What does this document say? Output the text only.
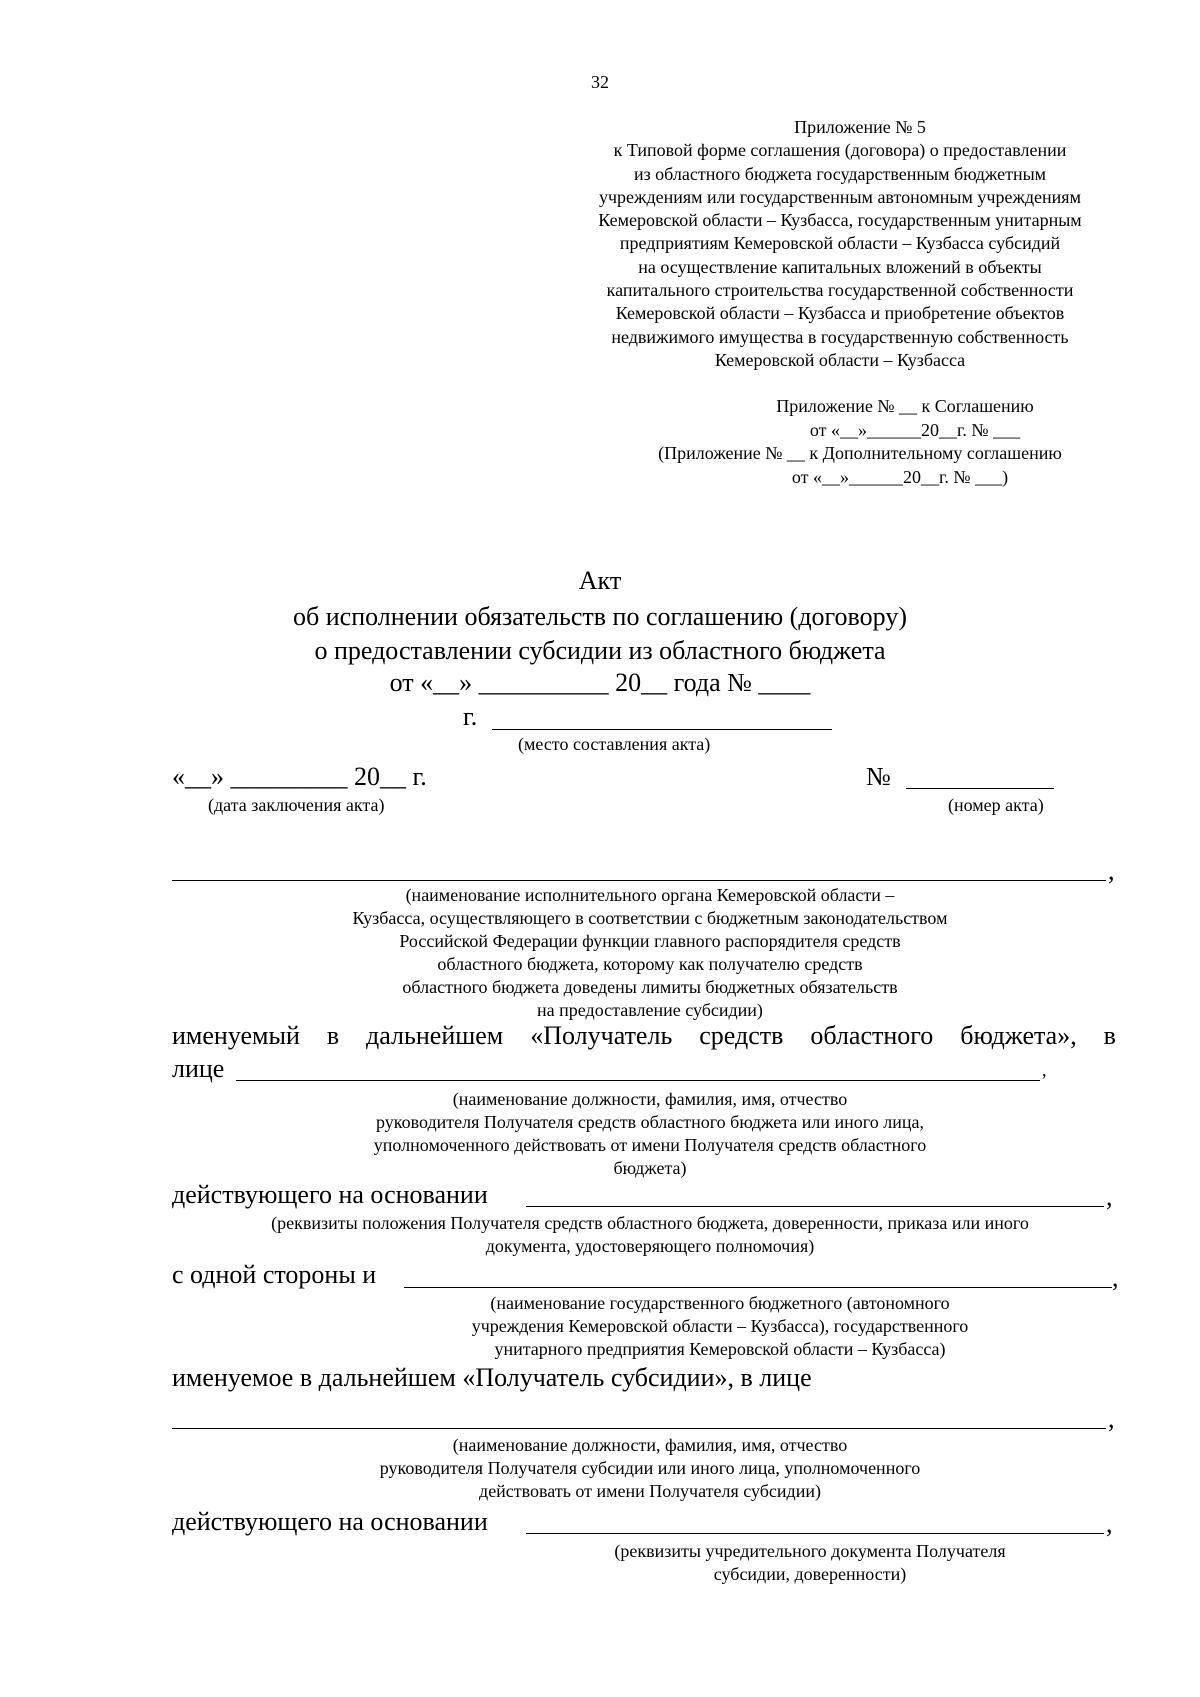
32
Приложение № 5
к Типовой форме соглашения (договора) о предоставлении
из областного бюджета государственным бюджетным
учреждениям или государственным автономным учреждениям
Кемеровской области – Кузбасса, государственным унитарным
предприятиям Кемеровской области – Кузбасса субсидий
на осуществление капитальных вложений в объекты
капитального строительства государственной собственности
Кемеровской области – Кузбасса и приобретение объектов
недвижимого имущества в государственную собственность
Кемеровской области – Кузбасса
Приложение № __ к Соглашению
от «__»______20__г. № ___
(Приложение № __ к Дополнительному соглашению
от «__»______20__г. № ___)
Акт
об исполнении обязательств по соглашению (договору)
о предоставлении субсидии из областного бюджета
от «__» __________ 20__ года № ____
г.
(место составления акта)
«__» _________ 20__ г.
(дата заключения акта)
№
(номер акта)
,
(наименование исполнительного органа Кемеровской области –
Кузбасса, осуществляющего в соответствии с бюджетным законодательством
Российской Федерации функции главного распорядителя средств
областного бюджета, которому как получателю средств
областного бюджета доведены лимиты бюджетных обязательств
на предоставление субсидии)
именуемый в дальнейшем «Получатель средств областного бюджета», в
лице	,
(наименование должности, фамилия, имя, отчество
руководителя Получателя средств областного бюджета или иного лица,
уполномоченного действовать от имени Получателя средств областного
бюджета)
действующего на основании	,
(реквизиты положения Получателя средств областного бюджета, доверенности, приказа или иного
документа, удостоверяющего полномочия)
с одной стороны и	,
(наименование государственного бюджетного (автономного
учреждения Кемеровской области – Кузбасса), государственного
унитарного предприятия Кемеровской области – Кузбасса)
именуемое в дальнейшем «Получатель субсидии», в лице
,
(наименование должности, фамилия, имя, отчество
руководителя Получателя субсидии или иного лица, уполномоченного
действовать от имени Получателя субсидии)
действующего на основании	,
(реквизиты учредительного документа Получателя
субсидии, доверенности)
